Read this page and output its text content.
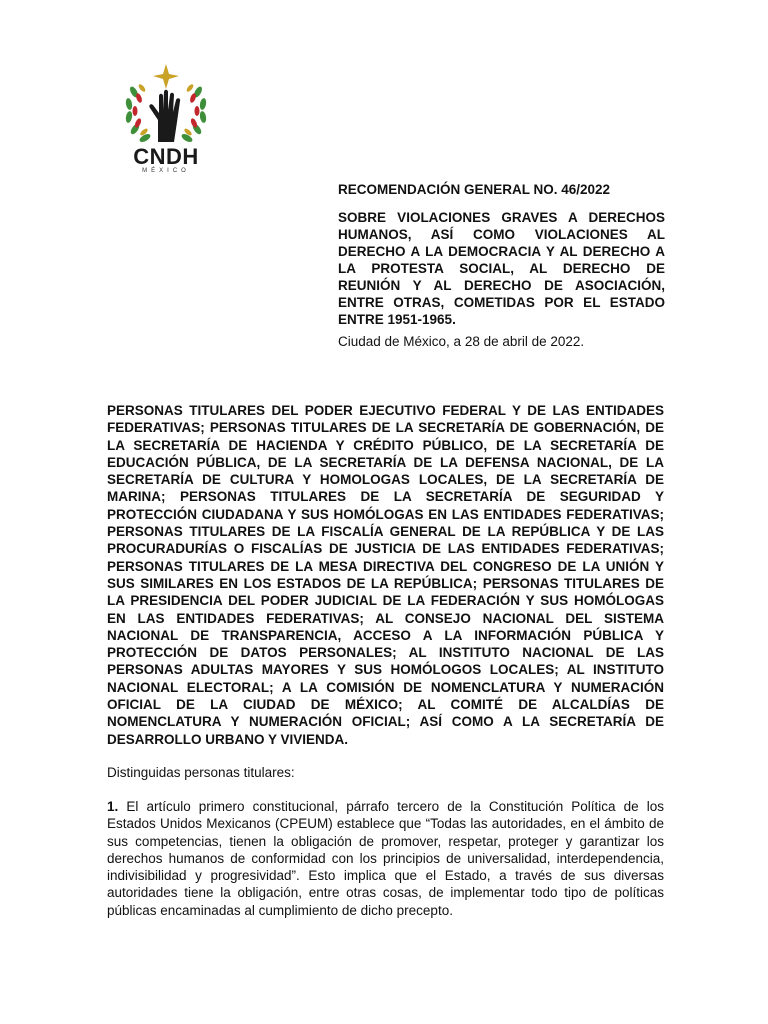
CNDH
MÉXICO
RECOMENDACIÓN GENERAL NO. 46/2022
SOBRE VIOLACIONES GRAVES A DERECHOS HUMANOS, ASÍ COMO VIOLACIONES AL DERECHO A LA DEMOCRACIA Y AL DERECHO A LA PROTESTA SOCIAL, AL DERECHO DE REUNIÓN Y AL DERECHO DE ASOCIACIÓN, ENTRE OTRAS, COMETIDAS POR EL ESTADO ENTRE 1951-1965.
Ciudad de México, a 28 de abril de 2022.
PERSONAS TITULARES DEL PODER EJECUTIVO FEDERAL Y DE LAS ENTIDADES FEDERATIVAS; PERSONAS TITULARES DE LA SECRETARÍA DE GOBERNACIÓN, DE LA SECRETARÍA DE HACIENDA Y CRÉDITO PÚBLICO, DE LA SECRETARÍA DE EDUCACIÓN PÚBLICA, DE LA SECRETARÍA DE LA DEFENSA NACIONAL, DE LA SECRETARÍA DE CULTURA Y HOMOLOGAS LOCALES, DE LA SECRETARÍA DE MARINA; PERSONAS TITULARES DE LA SECRETARÍA DE SEGURIDAD Y PROTECCIÓN CIUDADANA Y SUS HOMÓLOGAS EN LAS ENTIDADES FEDERATIVAS; PERSONAS TITULARES DE LA FISCALÍA GENERAL DE LA REPÚBLICA Y DE LAS PROCURADURÍAS O FISCALÍAS DE JUSTICIA DE LAS ENTIDADES FEDERATIVAS; PERSONAS TITULARES DE LA MESA DIRECTIVA DEL CONGRESO DE LA UNIÓN Y SUS SIMILARES EN LOS ESTADOS DE LA REPÚBLICA; PERSONAS TITULARES DE LA PRESIDENCIA DEL PODER JUDICIAL DE LA FEDERACIÓN Y SUS HOMÓLOGAS EN LAS ENTIDADES FEDERATIVAS; AL CONSEJO NACIONAL DEL SISTEMA NACIONAL DE TRANSPARENCIA, ACCESO A LA INFORMACIÓN PÚBLICA Y PROTECCIÓN DE DATOS PERSONALES; AL INSTITUTO NACIONAL DE LAS PERSONAS ADULTAS MAYORES Y SUS HOMÓLOGOS LOCALES; AL INSTITUTO NACIONAL ELECTORAL; A LA COMISIÓN DE NOMENCLATURA Y NUMERACIÓN OFICIAL DE LA CIUDAD DE MÉXICO; AL COMITÉ DE ALCALDÍAS DE NOMENCLATURA Y NUMERACIÓN OFICIAL; ASÍ COMO A LA SECRETARÍA DE DESARROLLO URBANO Y VIVIENDA.
Distinguidas personas titulares:
1. El artículo primero constitucional, párrafo tercero de la Constitución Política de los Estados Unidos Mexicanos (CPEUM) establece que “Todas las autoridades, en el ámbito de sus competencias, tienen la obligación de promover, respetar, proteger y garantizar los derechos humanos de conformidad con los principios de universalidad, interdependencia, indivisibilidad y progresividad”. Esto implica que el Estado, a través de sus diversas autoridades tiene la obligación, entre otras cosas, de implementar todo tipo de políticas públicas encaminadas al cumplimiento de dicho precepto.
